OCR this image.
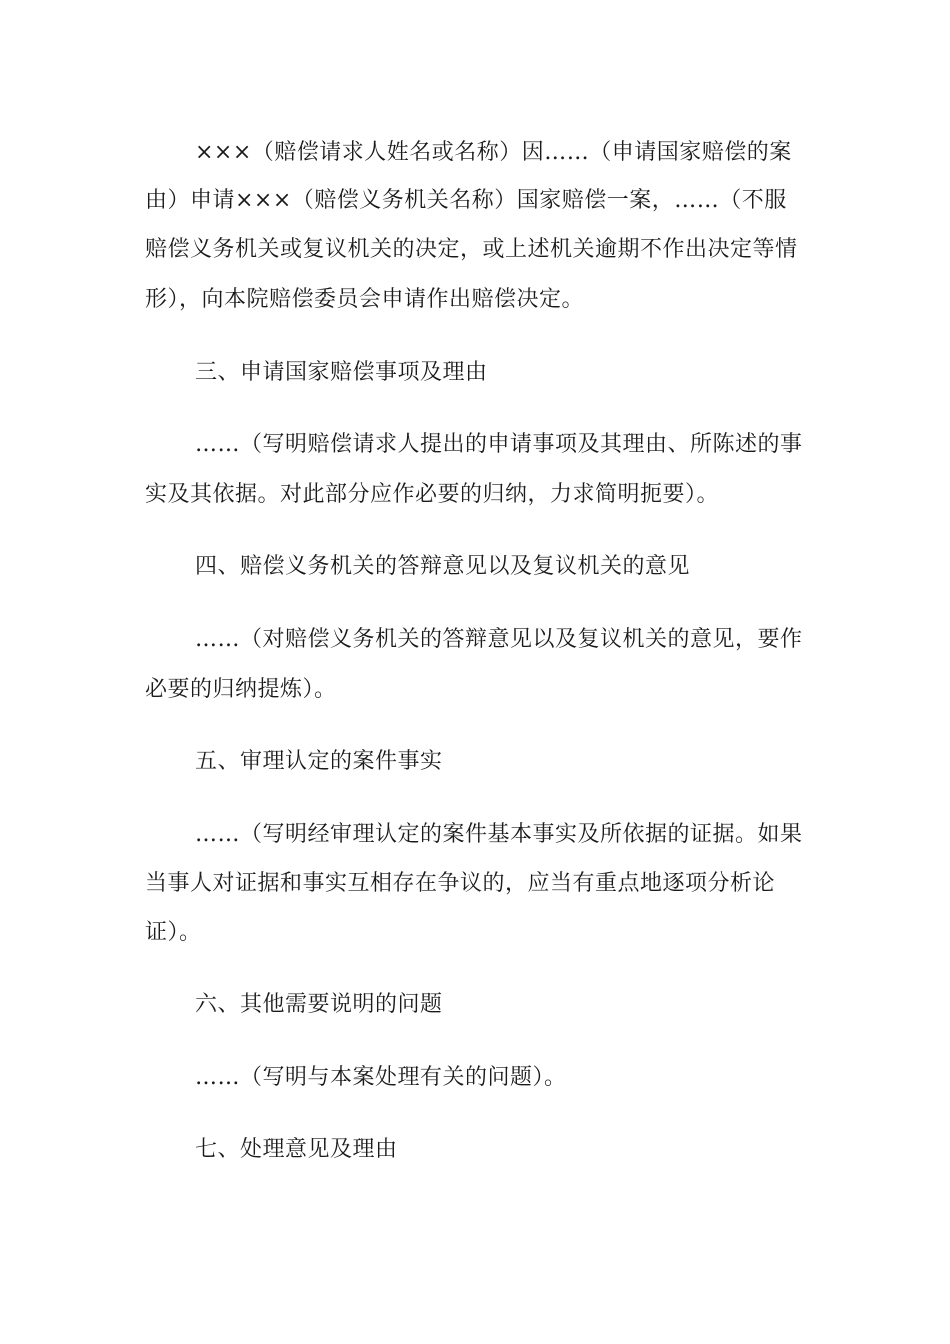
×××（赔偿请求人姓名或名称）因……（申请国家赔偿的案
由）申请×××（赔偿义务机关名称）国家赔偿一案，……（不服
赔偿义务机关或复议机关的决定，或上述机关逾期不作出决定等情
形），向本院赔偿委员会申请作出赔偿决定。
三、申请国家赔偿事项及理由
……（写明赔偿请求人提出的申请事项及其理由、所陈述的事
实及其依据。对此部分应作必要的归纳，力求简明扼要）。
四、赔偿义务机关的答辩意见以及复议机关的意见
……（对赔偿义务机关的答辩意见以及复议机关的意见，要作
必要的归纳提炼）。
五、审理认定的案件事实
……（写明经审理认定的案件基本事实及所依据的证据。如果
当事人对证据和事实互相存在争议的，应当有重点地逐项分析论
证）。
六、其他需要说明的问题
……（写明与本案处理有关的问题）。
七、处理意见及理由
